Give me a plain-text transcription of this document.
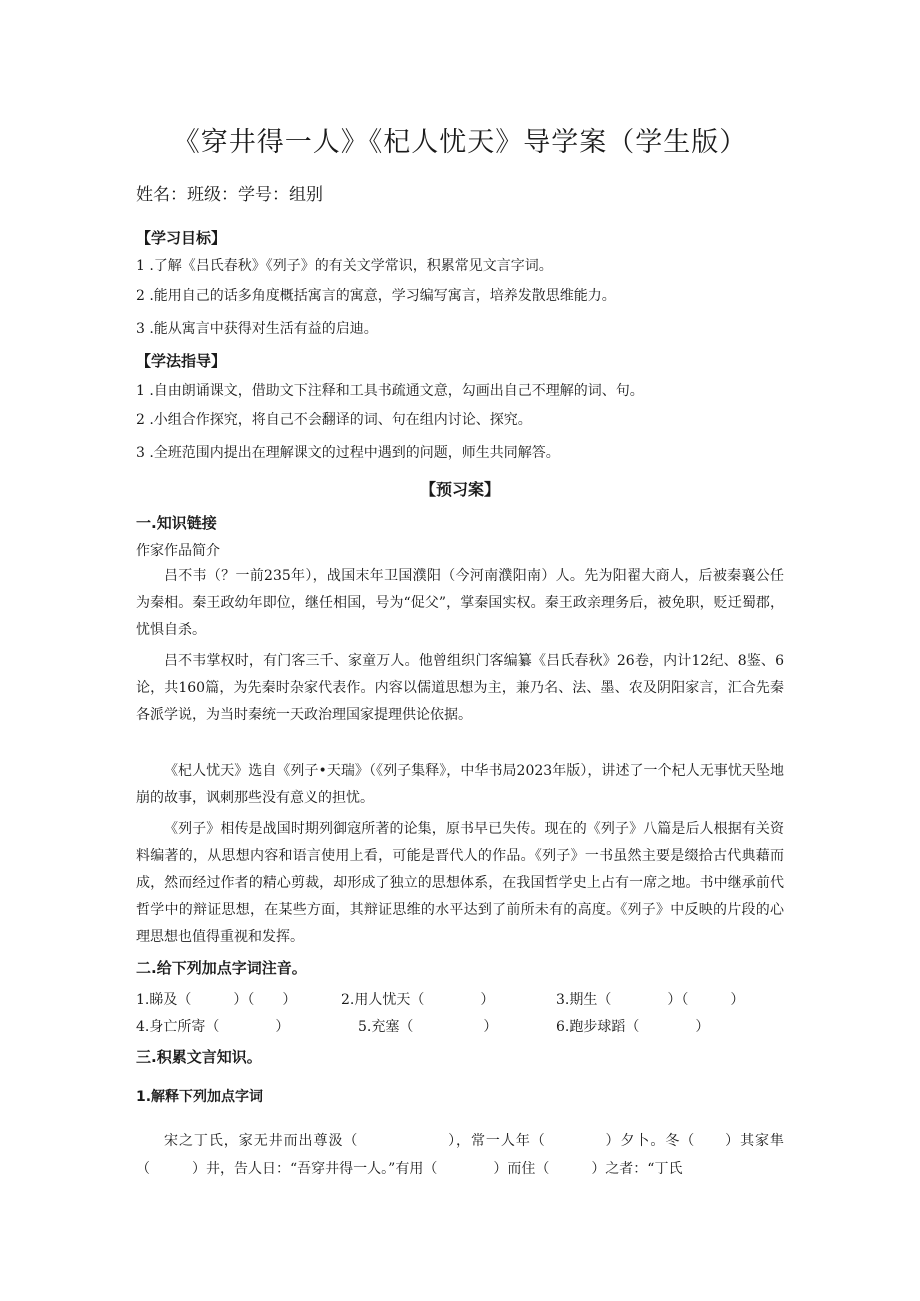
《穿井得一人》《杞人忧天》导学案（学生版）
姓名：班级：学号：组别
【学习目标】
1 .了解《吕氏春秋》《列子》的有关文学常识，积累常见文言字词。
2 .能用自己的话多角度概括寓言的寓意，学习编写寓言，培养发散思维能力。
3 .能从寓言中获得对生活有益的启迪。
【学法指导】
1 .自由朗诵课文，借助文下注释和工具书疏通文意，勾画出自己不理解的词、句。
2 .小组合作探究，将自己不会翻译的词、句在组内讨论、探究。
3 .全班范围内提出在理解课文的过程中遇到的问题，师生共同解答。
【预习案】
一.知识链接
作家作品简介
吕不韦（？一前235年），战国末年卫国濮阳（今河南濮阳南）人。先为阳翟大商人，后被秦襄公任为秦相。秦王政幼年即位，继任相国，号为“促父”，掌秦国实权。秦王政亲理务后，被免职，贬迁蜀郡，忧惧自杀。
吕不韦掌权时，有门客三千、家童万人。他曾组织门客编纂《吕氏春秋》26卷，内计12纪、8鉴、6论，共160篇，为先秦时杂家代表作。内容以儒道思想为主，兼乃名、法、墨、农及阴阳家言，汇合先秦各派学说，为当时秦统一天政治理国家提理供论依据。
《杞人忧天》选自《列子•天瑞》（《列子集释》，中华书局2023年版），讲述了一个杞人无事忧天坠地崩的故事，讽刺那些没有意义的担忧。
《列子》相传是战国时期列御寇所著的论集，原书早已失传。现在的《列子》八篇是后人根据有关资料编著的，从思想内容和语言使用上看，可能是晋代人的作品。《列子》一书虽然主要是缀拾古代典藉而成，然而经过作者的精心剪裁，却形成了独立的思想体系，在我国哲学史上占有一席之地。书中继承前代哲学中的辩证思想，在某些方面，其辩证思维的水平达到了前所未有的高度。《列子》中反映的片段的心理思想也值得重视和发挥。
二.给下列加点字词注音。
1.睇及（　　　）（　　）	2.用人忧天（　　　　）	3.期生（　　　　）（　　　）
4.身亡所寄（　　　　）	5.充塞（　　　　　）	6.跑步球蹈（　　　　）
三.积累文言知识。
1.解释下列加点字词
宋之丁氏，家无井而出尊汲（　　　　　　），常一人年（　　　　）夕卜。冬（　　）其家隼（　　　）井，告人日：“吾穿井得一人。”有用（　　　　）而住（　　　）之者：“丁氏
